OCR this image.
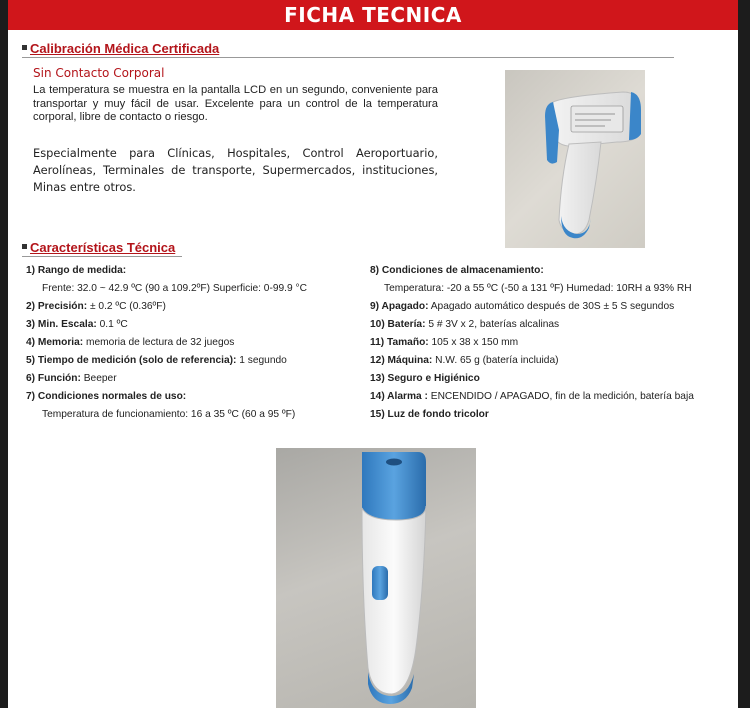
FICHA TECNICA
Calibración Médica Certificada
Sin Contacto Corporal
La temperatura se muestra en la pantalla LCD en un segundo, conveniente para transportar y muy fácil de usar. Excelente para un control de la temperatura corporal, libre de contacto o riesgo.
Especialmente para Clínicas, Hospitales, Control Aeroportuario, Aerolíneas, Terminales de transporte, Supermercados, instituciones, Minas entre otros.
Características Técnica
1) Rango de medida:
Frente: 32.0 ~ 42.9 ºC (90 a 109.2ºF) Superficie: 0-99.9 °C
2) Precisión: ± 0.2 ºC (0.36ºF)
3) Min. Escala: 0.1 ºC
4) Memoria: memoria de lectura de 32 juegos
5) Tiempo de medición (solo de referencia): 1 segundo
6) Función: Beeper
7) Condiciones normales de uso:
Temperatura de funcionamiento: 16 a 35 ºC (60 a 95 ºF)
8) Condiciones de almacenamiento:
Temperatura: -20 a 55 ºC (-50 a 131 ºF) Humedad: 10RH a 93% RH
9) Apagado: Apagado automático después de 30S ± 5 S segundos
10) Batería: 5 # 3V x 2, baterías alcalinas
11) Tamaño: 105 x 38 x 150 mm
12) Máquina: N.W. 65 g (batería incluida)
13) Seguro e Higiénico
14) Alarma : ENCENDIDO / APAGADO, fin de la medición, batería baja
15) Luz de fondo tricolor
